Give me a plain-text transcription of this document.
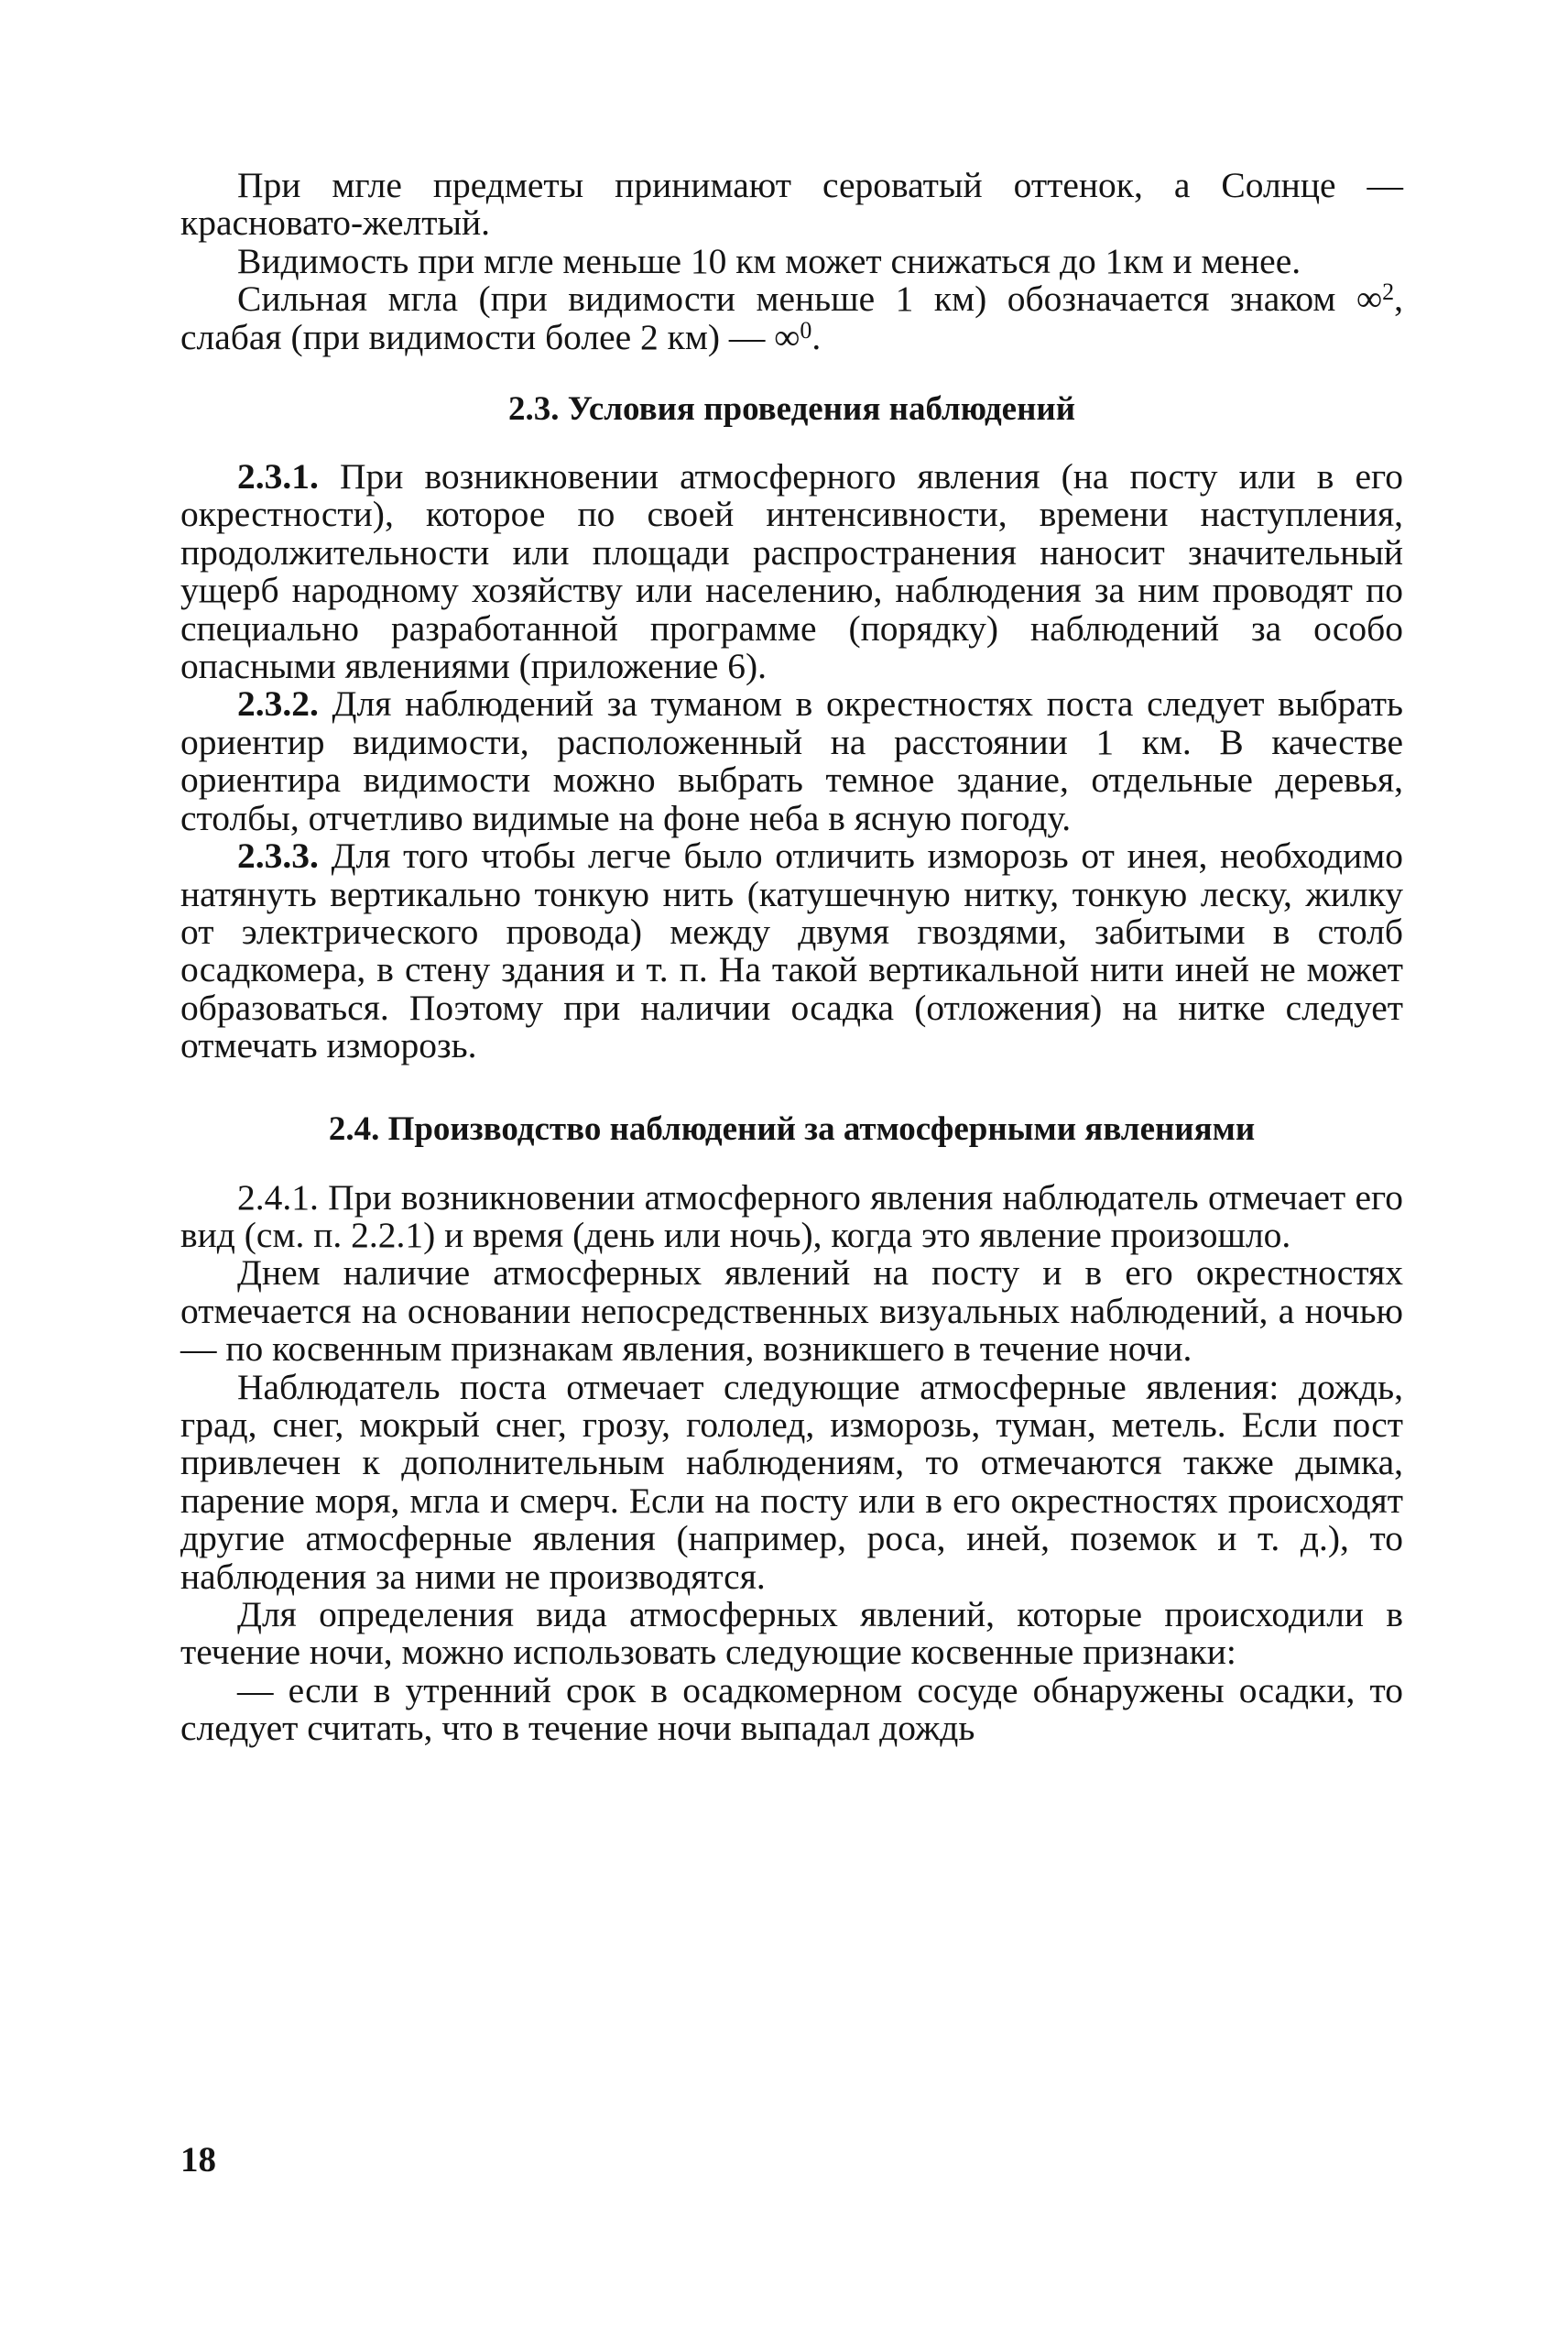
При мгле предметы принимают сероватый оттенок, а Солнце — красновато-желтый.

Видимость при мгле меньше 10 км может снижаться до 1км и менее.

Сильная мгла (при видимости меньше 1 км) обозначается знаком ∞$^2$, слабая (при видимости более 2 км) — ∞$^0$.

2.3. Условия проведения наблюдений

2.3.1. При возникновении атмосферного явления (на посту или в его окрестности), которое по своей интенсивности, времени наступления, продолжительности или площади распространения наносит значительный ущерб народному хозяйству или населению, наблюдения за ним проводят по специально разработанной программе (порядку) наблюдений за особо опасными явлениями (приложение 6).

2.3.2. Для наблюдений за туманом в окрестностях поста следует выбрать ориентир видимости, расположенный на расстоянии 1 км. В качестве ориентира видимости можно выбрать темное здание, отдельные деревья, столбы, отчетливо видимые на фоне неба в ясную погоду.

2.3.3. Для того чтобы легче было отличить изморозь от инея, необходимо натянуть вертикально тонкую нить (катушечную нитку, тонкую леску, жилку от электрического провода) между двумя гвоздями, забитыми в столб осадкомера, в стену здания и т. п. На такой вертикальной нити иней не может образоваться. Поэтому при наличии осадка (отложения) на нитке следует отмечать изморозь.

2.4. Производство наблюдений за атмосферными явлениями

2.4.1. При возникновении атмосферного явления наблюдатель отмечает его вид (см. п. 2.2.1) и время (день или ночь), когда это явление произошло.

Днем наличие атмосферных явлений на посту и в его окрестностях отмечается на основании непосредственных визуальных наблюдений, а ночью — по косвенным признакам явления, возникшего в течение ночи.

Наблюдатель поста отмечает следующие атмосферные явления: дождь, град, снег, мокрый снег, грозу, гололед, изморозь, туман, метель. Если пост привлечен к дополнительным наблюдениям, то отмечаются также дымка, парение моря, мгла и смерч. Если на посту или в его окрестностях происходят другие атмосферные явления (например, роса, иней, поземок и т. д.), то наблюдения за ними не производятся.

Для определения вида атмосферных явлений, которые происходили в течение ночи, можно использовать следующие косвенные признаки:

— если в утренний срок в осадкомерном сосуде обнаружены осадки, то следует считать, что в течение ночи выпадал дождь

18
